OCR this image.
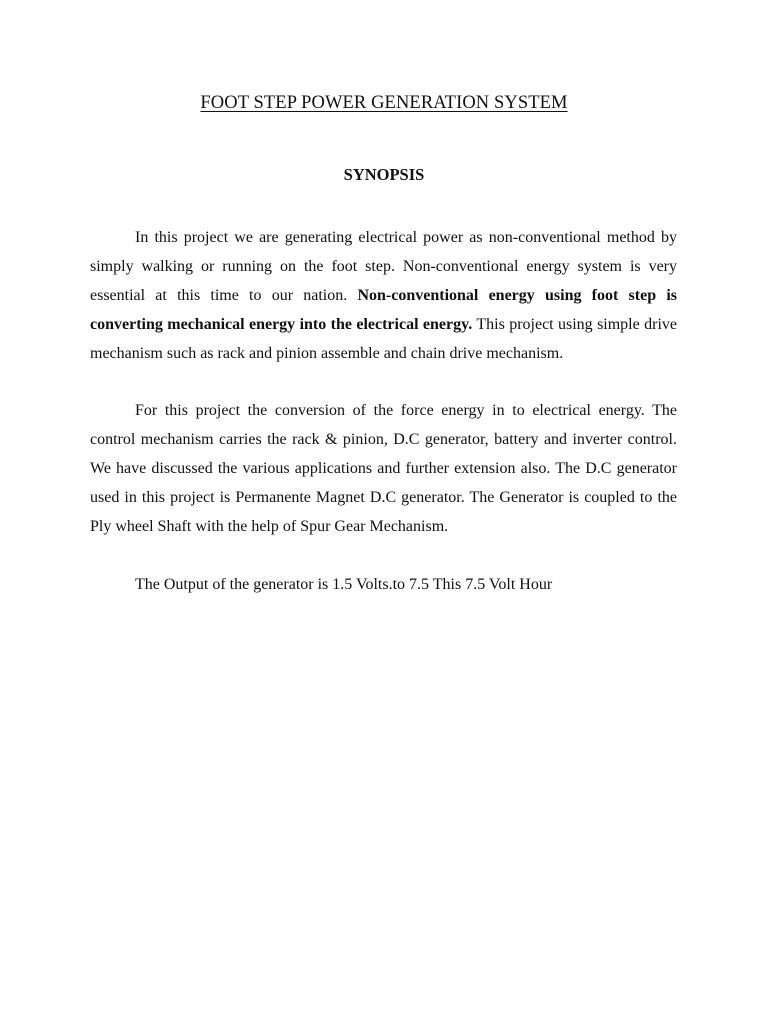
FOOT STEP POWER GENERATION SYSTEM
SYNOPSIS

In this project we are generating electrical power as non-conventional method by simply walking or running on the foot step. Non-conventional energy system is very essential at this time to our nation. Non-conventional energy using foot step is converting mechanical energy into the electrical energy. This project using simple drive mechanism such as rack and pinion assemble and chain drive mechanism.

For this project the conversion of the force energy in to electrical energy. The control mechanism carries the rack & pinion, D.C generator, battery and inverter control. We have discussed the various applications and further extension also. The D.C generator used in this project is Permanente Magnet D.C generator. The Generator is coupled to the Ply wheel Shaft with the help of Spur Gear Mechanism.

The Output of the generator is 1.5 Volts.to 7.5 This 7.5 Volt Hour
